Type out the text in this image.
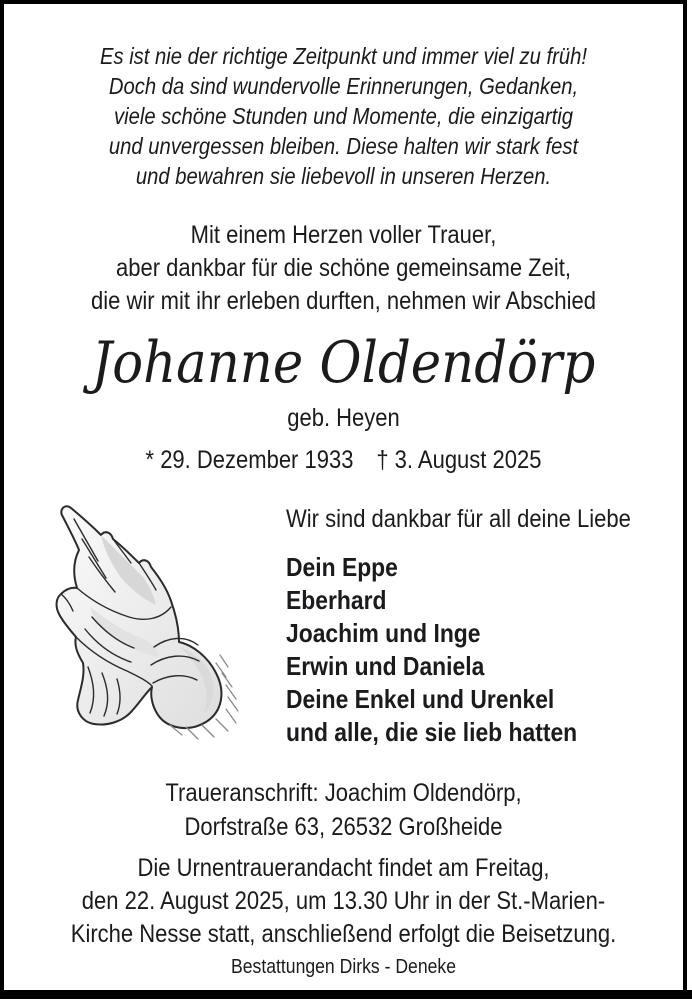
Es ist nie der richtige Zeitpunkt und immer viel zu früh!
Doch da sind wundervolle Erinnerungen, Gedanken,
viele schöne Stunden und Momente, die einzigartig
und unvergessen bleiben. Diese halten wir stark fest
und bewahren sie liebevoll in unseren Herzen.
Mit einem Herzen voller Trauer,
aber dankbar für die schöne gemeinsame Zeit,
die wir mit ihr erleben durften, nehmen wir Abschied
Johanne Oldendörp
geb. Heyen
* 29. Dezember 1933 † 3. August 2025
Wir sind dankbar für all deine Liebe
Dein Eppe
Eberhard
Joachim und Inge
Erwin und Daniela
Deine Enkel und Urenkel
und alle, die sie lieb hatten
Traueranschrift: Joachim Oldendörp,
Dorfstraße 63, 26532 Großheide
Die Urnentrauerandacht findet am Freitag,
den 22. August 2025, um 13.30 Uhr in der St.-Marien-
Kirche Nesse statt, anschließend erfolgt die Beisetzung.
Bestattungen Dirks - Deneke
